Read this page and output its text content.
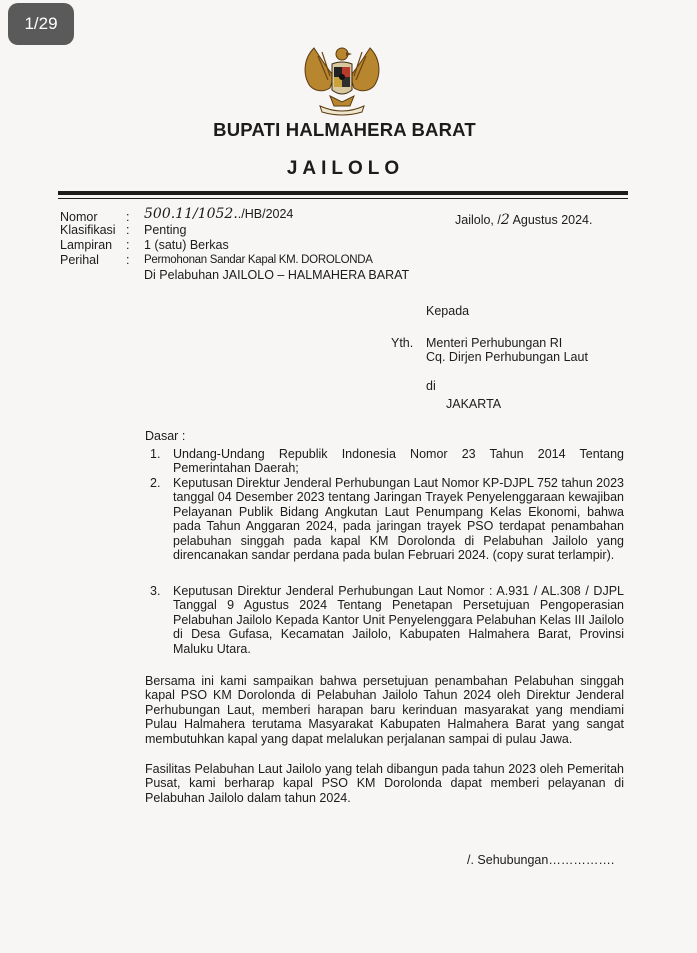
1/29
BUPATI HALMAHERA BARAT
JAILOLO
Nomor : 500.11/1052../HB/2024
Klasifikasi : Penting
Lampiran : 1 (satu) Berkas
Perihal : Permohonan Sandar Kapal KM. DOROLONDA
Di Pelabuhan JAILOLO – HALMAHERA BARAT
Jailolo, /2 Agustus 2024.
Kepada
Yth. Menteri Perhubungan RI
Cq. Dirjen Perhubungan Laut
di
JAKARTA
Dasar :
1. Undang-Undang Republik Indonesia Nomor 23 Tahun 2014 Tentang Pemerintahan Daerah;
2. Keputusan Direktur Jenderal Perhubungan Laut Nomor KP-DJPL 752 tahun 2023 tanggal 04 Desember 2023 tentang Jaringan Trayek Penyelenggaraan kewajiban Pelayanan Publik Bidang Angkutan Laut Penumpang Kelas Ekonomi, bahwa pada Tahun Anggaran 2024, pada jaringan trayek PSO terdapat penambahan pelabuhan singgah pada kapal KM Dorolonda di Pelabuhan Jailolo yang direncanakan sandar perdana pada bulan Februari 2024. (copy surat terlampir).
3. Keputusan Direktur Jenderal Perhubungan Laut Nomor : A.931 / AL.308 / DJPL Tanggal 9 Agustus 2024 Tentang Penetapan Persetujuan Pengoperasian Pelabuhan Jailolo Kepada Kantor Unit Penyelenggara Pelabuhan Kelas III Jailolo di Desa Gufasa, Kecamatan Jailolo, Kabupaten Halmahera Barat, Provinsi Maluku Utara.
Bersama ini kami sampaikan bahwa persetujuan penambahan Pelabuhan singgah kapal PSO KM Dorolonda di Pelabuhan Jailolo Tahun 2024 oleh Direktur Jenderal Perhubungan Laut, memberi harapan baru kerinduan masyarakat yang mendiami Pulau Halmahera terutama Masyarakat Kabupaten Halmahera Barat yang sangat membutuhkan kapal yang dapat melalukan perjalanan sampai di pulau Jawa.
Fasilitas Pelabuhan Laut Jailolo yang telah dibangun pada tahun 2023 oleh Pemeritah Pusat, kami berharap kapal PSO KM Dorolonda dapat memberi pelayanan di Pelabuhan Jailolo dalam tahun 2024.
/. Sehubungan…………….
